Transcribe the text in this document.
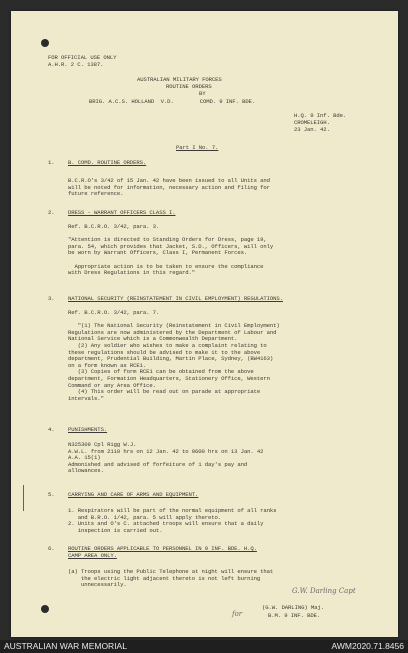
FOR OFFICIAL USE ONLY
A.H.R. 2 C. 1387.
AUSTRALIAN MILITARY FORCES
ROUTINE ORDERS
BY
BRIG. A.C.S. HOLLAND  V.D.        COMD. 9 INF. BDE.
H.Q. 9 Inf. Bde.
CROMELEIGH.
23 Jan. 42.
Part I No. 7.
1. B. COMD. ROUTINE ORDERS.
B.C.R.O's 3/42 of 15 Jan. 42 have been issued to all Units and
will be noted for information, necessary action and filing for
future reference.
2. DRESS - WARRANT OFFICERS CLASS I.
Ref. B.C.R.O. 3/42, para. 3.

"Attention is directed to Standing Orders for Dress, page 19,
para. 54, which provides that Jacket, S.D., Officers, will only
be worn by Warrant Officers, Class I, Permanent Forces.

Appropriate action is to be taken to ensure the compliance
with Dress Regulations in this regard."
3. NATIONAL SECURITY (REINSTATEMENT IN CIVIL EMPLOYMENT) REGULATIONS.
Ref. B.C.R.O. 3/42, para. 7.

"(1) The National Security (Reinstatement in Civil Employment)
Regulations are now administered by the Department of Labour and
National Service which is a Commonwealth Department.
(2) Any soldier who wishes to make a complaint relating to
these regulations should be advised to make it to the above
department, Prudential Building, Martin Place, Sydney, (BW4163)
on a form known as RCE1.
(3) Copies of form RCE1 can be obtained from the above
department, Formation Headquarters, Stationery Office, Western
Command or any Area Office.
(4) This order will be read out on parade at appropriate
intervals."
4. PUNISHMENTS.
N325309 Cpl Rigg W.J.
A.W.L. from 2110 hrs on 12 Jan. 42 to 0600 hrs on 13 Jan. 42
A.A. 15(1)
Admonished and advised of forfeiture of 1 day's pay and
allowances.
5. CARRYING AND CARE OF ARMS AND EQUIPMENT.
1. Respirators will be part of the normal equipment of all ranks
and B.R.O. 1/42, para. 5 will apply thereto.
2. Units and O's C. attached troops will ensure that a daily
inspection is carried out.
6. ROUTINE ORDERS APPLICABLE TO PERSONNEL IN 9 INF. BDE. H.Q.
CAMP AREA ONLY.
(a) Troops using the Public Telephone at night will ensure that
the electric light adjacent thereto is not left burning
unnecessarily.
G.W. Darling Capt
for
(G.W. DARLING) Maj.
B.M. 9 INF. BDE.
AUSTRALIAN WAR MEMORIAL	AWM2020.71.8456
